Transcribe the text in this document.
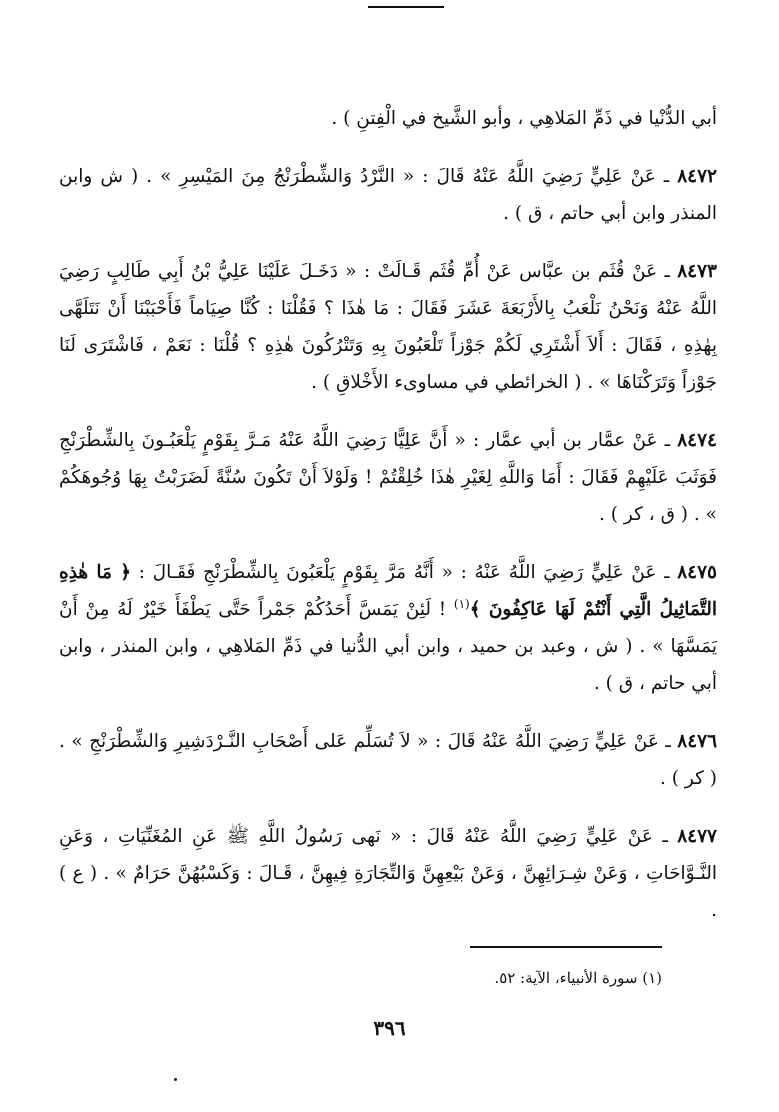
أبي الدُّنْيا في ذَمِّ المَلاهِي ، وأبو الشَّيخ في الْفِتنِ ) .

٨٤٧٢ ـ عَنْ عَلِيٍّ رَضِيَ اللَّهُ عَنْهُ قَالَ : « النَّرْدُ وَالشِّطْرَنْجُ مِنَ المَيْسِرِ » . ( ش وابن المنذر وابن أبي حاتم ، ق ) .

٨٤٧٣ ـ عَنْ قُثَم بن عبَّاس عَنْ أُمِّ قُثَم قَـالَتْ : « دَخَـلَ عَلَيْنَا عَلِيُّ بْنُ أَبِي طَالِبٍ رَضِيَ اللَّهُ عَنْهُ وَنَحْنُ نَلْعَبُ بِالأَرْبَعَةَ عَشَرَ فَقَالَ : مَا هٰذَا ؟ فَقُلْنَا : كُنَّا صِيَاماً فَأَحْبَبْنَا أَنْ نَتَلَهَّى بِهٰذِهِ ، فَقَالَ : أَلاَ أَشْتَرِي لَكُمْ جَوْزاً تَلْعَبُونَ بِهِ وَتَتْرُكُونَ هٰذِهِ ؟ قُلْنَا : نَعَمْ ، فَاشْتَرَى لَنَا جَوْزاً وَتَرَكْنَاهَا » . ( الخرائطي في مساوىء الأَخْلاقِ ) .

٨٤٧٤ ـ عَنْ عمَّار بن أبي عمَّار : « أَنَّ عَلِيًّا رَضِيَ اللَّهُ عَنْهُ مَـرَّ بِقَوْمٍ يَلْعَبُـونَ بِالشِّطْرَنْجِ فَوَثَبَ عَلَيْهِمْ فَقَالَ : أَمَا وَاللَّهِ لِغَيْرِ هٰذَا خُلِقْتُمْ ! وَلَوْلاَ أَنْ تَكُونَ سُنَّةً لَضَرَبْتُ بِهَا وُجُوهَكُمْ » . ( ق ، كر ) .

٨٤٧٥ ـ عَنْ عَلِيٍّ رَضِيَ اللَّهُ عَنْهُ : « أَنَّهُ مَرَّ بِقَوْمٍ يَلْعَبُونَ بِالشِّطْرَنْجِ فَقَـالَ : ﴿ مَا هٰذِهِ التَّمَاثِيلُ الَّتِي أَنْتُمْ لَهَا عَاكِفُونَ ﴾$^{(١)}$ ! لَئِنْ يَمَسَّ أَحَدُكُمْ جَمْراً حَتَّى يَطْفَأَ خَيْرٌ لَهُ مِنْ أَنْ يَمَسَّهَا » . ( ش ، وعبد بن حميد ، وابن أبي الدُّنيا في ذَمِّ المَلاهِي ، وابن المنذر ، وابن أبي حاتم ، ق ) .

٨٤٧٦ ـ عَنْ عَلِيٍّ رَضِيَ اللَّهُ عَنْهُ قَالَ : « لاَ تُسَلِّم عَلى أَصْحَابِ النَّـرْدَشِيرِ وَالشِّطْرَنْجِ » . ( كر ) .

٨٤٧٧ ـ عَنْ عَلِيٍّ رَضِيَ اللَّهُ عَنْهُ قَالَ : « نَهى رَسُولُ اللَّهِ ﷺ عَنِ المُغَنِّيَاتِ ، وَعَنِ النَّـوَّاحَاتِ ، وَعَنْ شِـرَائِهِنَّ ، وَعَنْ بَيْعِهِنَّ وَالتِّجَارَةِ فِيهِنَّ ، قَـالَ : وَكَسْبُهُنَّ حَرَامٌ » . ( ع ) .

(١) سورة الأنبياء، الآية: ٥٢.
٣٩٦
